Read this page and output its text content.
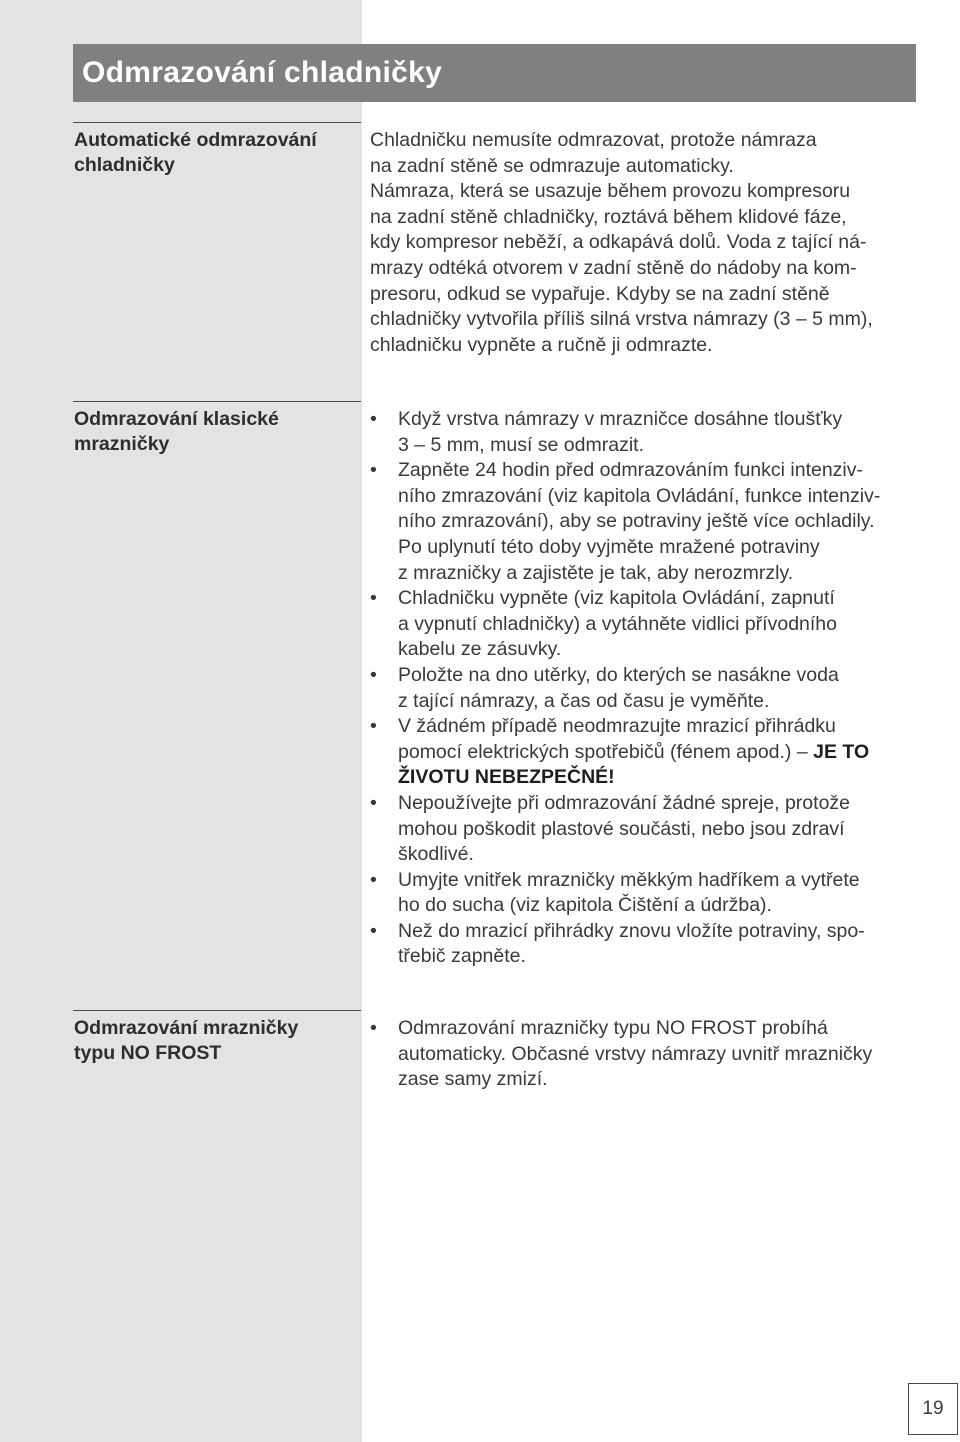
Odmrazování chladničky
Automatické odmrazování
chladničky
Chladničku nemusíte odmrazovat, protože námraza
na zadní stěně se odmrazuje automaticky.
Námraza, která se usazuje během provozu kompresoru
na zadní stěně chladničky, roztává během klidové fáze,
kdy kompresor neběží, a odkapává dolů. Voda z tající ná-
mrazy odtéká otvorem v zadní stěně do nádoby na kom-
presoru, odkud se vypařuje. Kdyby se na zadní stěně
chladničky vytvořila příliš silná vrstva námrazy (3 – 5 mm),
chladničku vypněte a ručně ji odmrazte.
Odmrazování klasické
mrazničky
• Když vrstva námrazy v mrazničce dosáhne tloušťky
3 – 5 mm, musí se odmrazit.
• Zapněte 24 hodin před odmrazováním funkci intenziv-
ního zmrazování (viz kapitola Ovládání, funkce intenziv-
ního zmrazování), aby se potraviny ještě více ochladily.
Po uplynutí této doby vyjměte mražené potraviny
z mrazničky a zajistěte je tak, aby nerozmrzly.
• Chladničku vypněte (viz kapitola Ovládání, zapnutí
a vypnutí chladničky) a vytáhněte vidlici přívodního
kabelu ze zásuvky.
• Položte na dno utěrky, do kterých se nasákne voda
z tající námrazy, a čas od času je vyměňte.
• V žádném případě neodmrazujte mrazicí přihrádku
pomocí elektrických spotřebičů (fénem apod.) – JE TO
ŽIVOTU NEBEZPEČNÉ!
• Nepoužívejte při odmrazování žádné spreje, protože
mohou poškodit plastové součásti, nebo jsou zdraví
škodlivé.
• Umyjte vnitřek mrazničky měkkým hadříkem a vytřete
ho do sucha (viz kapitola Čištění a údržba).
• Než do mrazicí přihrádky znovu vložíte potraviny, spo-
třebič zapněte.
Odmrazování mrazničky
typu NO FROST
• Odmrazování mrazničky typu NO FROST probíhá
automaticky. Občasné vrstvy námrazy uvnitř mrazničky
zase samy zmizí.
19
